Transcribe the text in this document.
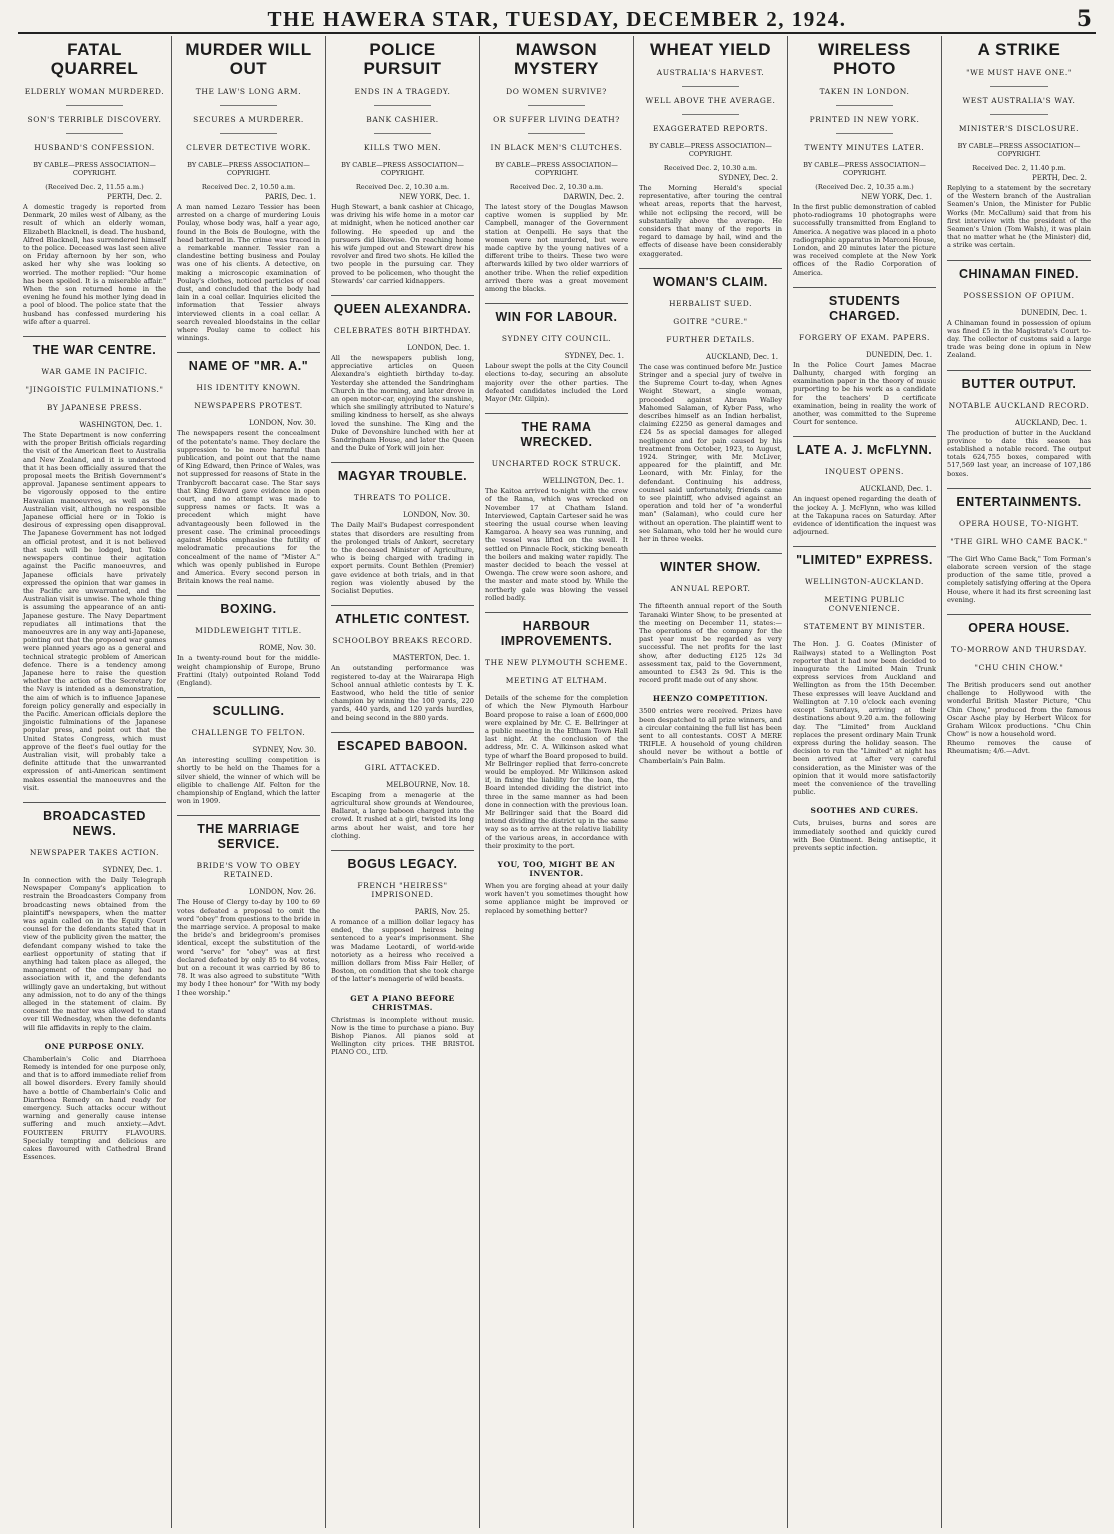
THE HAWERA STAR, TUESDAY, DECEMBER 2, 1924.	5
FATAL QUARREL
ELDERLY WOMAN MURDERED.
SON'S TERRIBLE DISCOVERY.
HUSBAND'S CONFESSION.
BY CABLE—PRESS ASSOCIATION—COPYRIGHT.
(Received Dec. 2, 11.55 a.m.)
PERTH, Dec. 2.

A domestic tragedy is reported from Denmark, 20 miles west of Albany, as the result of which an elderly woman, Elizabeth Blacknell, is dead. The husband, Alfred Blacknell, has surrendered himself to the police. Deceased was last seen alive on Friday afternoon by her son, who asked her why she was looking so worried. The mother replied: "Our home has been spoiled. It is a miserable affair." When the son returned home in the evening he found his mother lying dead in a pool of blood. The police state that the husband has confessed murdering his wife after a quarrel.

THE WAR CENTRE.
WAR GAME IN PACIFIC.
"JINGOISTIC FULMINATIONS."
BY JAPANESE PRESS.
WASHINGTON, Dec. 1.

The State Department is now conferring with the proper British officials regarding the visit of the American fleet to Australia and New Zealand, and it is understood that it has been officially assured that the proposal meets the British Government's approval. Japanese sentiment appears to be vigorously opposed to the entire Hawaiian manoeuvres, as well as the Australian visit, although no responsible Japanese official here or in Tokio is desirous of expressing open disapproval. The Japanese Government has not lodged an official protest, and it is not believed that such will be lodged, but Tokio newspapers continue their agitation against the Pacific manoeuvres, and Japanese officials have privately expressed the opinion that war games in the Pacific are unwarranted, and the Australian visit is unwise. The whole thing is assuming the appearance of an anti-Japanese gesture. The Navy Department repudiates all intimations that the manoeuvres are in any way anti-Japanese, pointing out that the proposed war games were planned years ago as a general and technical strategic problem of American defence. There is a tendency among Japanese here to raise the question whether the action of the Secretary for the Navy is intended as a demonstration, the aim of which is to influence Japanese foreign policy generally and especially in the Pacific. American officials deplore the jingoistic fulminations of the Japanese popular press, and point out that the United States Congress, which must approve of the fleet's fuel outlay for the Australian visit, will probably take a definite attitude that the unwarranted expression of anti-American sentiment makes essential the manoeuvres and the visit.

BROADCASTED NEWS.
NEWSPAPER TAKES ACTION.
SYDNEY, Dec. 1.

In connection with the Daily Telegraph Newspaper Company's application to restrain the Broadcasters Company from broadcasting news obtained from the plaintiff's newspapers, when the matter was again called on in the Equity Court counsel for the defendants stated that in view of the publicity given the matter, the defendant company wished to take the earliest opportunity of stating that if anything had taken place as alleged, the management of the company had no association with it, and the defendants willingly gave an undertaking, but without any admission, not to do any of the things alleged in the statement of claim. By consent the matter was allowed to stand over till Wednesday, when the defendants will file affidavits in reply to the claim.

ONE PURPOSE ONLY.

Chamberlain's Colic and Diarrhoea Remedy is intended for one purpose only, and that is to afford immediate relief from all bowel disorders. Every family should have a bottle of Chamberlain's Colic and Diarrhoea Remedy on hand ready for emergency. Such attacks occur without warning and generally cause intense suffering and much anxiety.—Advt. FOURTEEN FRUITY FLAVOURS. Specially tempting and delicious are cakes flavoured with Cathedral Brand Essences.

MURDER WILL OUT
THE LAW'S LONG ARM.
SECURES A MURDERER.
CLEVER DETECTIVE WORK.
BY CABLE—PRESS ASSOCIATION—COPYRIGHT.
Received Dec. 2, 10.50 a.m.
PARIS, Dec. 1.

A man named Lezaro Tessier has been arrested on a charge of murdering Louis Poulay, whose body was, half a year ago, found in the Bois de Boulogne, with the head battered in. The crime was traced in a remarkable manner. Tessier ran a clandestine betting business and Poulay was one of his clients. A detective, on making a microscopic examination of Poulay's clothes, noticed particles of coal dust, and concluded that the body had lain in a coal cellar. Inquiries elicited the information that Tessier always interviewed clients in a coal cellar. A search revealed bloodstains in the cellar where Poulay came to collect his winnings.

NAME OF "MR. A."
HIS IDENTITY KNOWN.
NEWSPAPERS PROTEST.
LONDON, Nov. 30.

The newspapers resent the concealment of the potentate's name. They declare the suppression to be more harmful than publication, and point out that the name of King Edward, then Prince of Wales, was not suppressed for reasons of State in the Tranbycroft baccarat case. The Star says that King Edward gave evidence in open court, and no attempt was made to suppress names or facts. It was a precedent which might have advantageously been followed in the present case. The criminal proceedings against Hobbs emphasise the futility of melodramatic precautions for the concealment of the name of "Mister A." which was openly published in Europe and America. Every second person in Britain knows the real name.

BOXING.
MIDDLEWEIGHT TITLE.
ROME, Nov. 30.

In a twenty-round bout for the middle-weight championship of Europe, Bruno Frattini (Italy) outpointed Roland Todd (England).

SCULLING.
CHALLENGE TO FELTON.
SYDNEY, Nov. 30.

An interesting sculling competition is shortly to be held on the Thames for a silver shield, the winner of which will be eligible to challenge Alf. Felton for the championship of England, which the latter won in 1909.

THE MARRIAGE SERVICE.
BRIDE'S VOW TO OBEY RETAINED.
LONDON, Nov. 26.

The House of Clergy to-day by 100 to 69 votes defeated a proposal to omit the word "obey" from questions to the bride in the marriage service. A proposal to make the bride's and bridegroom's promises identical, except the substitution of the word "serve" for "obey" was at first declared defeated by only 85 to 84 votes, but on a recount it was carried by 86 to 78. It was also agreed to substitute "With my body I thee honour" for "With my body I thee worship."

POLICE PURSUIT
ENDS IN A TRAGEDY.
BANK CASHIER.
KILLS TWO MEN.
BY CABLE—PRESS ASSOCIATION—COPYRIGHT.
Received Dec. 2, 10.30 a.m.
NEW YORK, Dec. 1.

Hugh Stewart, a bank cashier at Chicago, was driving his wife home in a motor car at midnight, when he noticed another car following. He speeded up and the pursuers did likewise. On reaching home his wife jumped out and Stewart drew his revolver and fired two shots. He killed the two people in the pursuing car. They proved to be policemen, who thought the Stewards' car carried kidnappers.

QUEEN ALEXANDRA.
CELEBRATES 80TH BIRTHDAY.
LONDON, Dec. 1.

All the newspapers publish long, appreciative articles on Queen Alexandra's eightieth birthday to-day. Yesterday she attended the Sandringham Church in the morning, and later drove in an open motor-car, enjoying the sunshine, which she smilingly attributed to Nature's smiling kindness to herself, as she always loved the sunshine. The King and the Duke of Devonshire lunched with her at Sandringham House, and later the Queen and the Duke of York will join her.

MAGYAR TROUBLE.
THREATS TO POLICE.
LONDON, Nov. 30.

The Daily Mail's Budapest correspondent states that disorders are resulting from the prolonged trials of Ankert, secretary to the deceased Minister of Agriculture, who is being charged with trading in export permits. Count Bethlen (Premier) gave evidence at both trials, and in that region was violently abused by the Socialist Deputies.

ATHLETIC CONTEST.
SCHOOLBOY BREAKS RECORD.
MASTERTON, Dec. 1.

An outstanding performance was registered to-day at the Wairarapa High School annual athletic contests by T. K. Eastwood, who held the title of senior champion by winning the 100 yards, 220 yards, 440 yards, and 120 yards hurdles, and being second in the 880 yards.

ESCAPED BABOON.
GIRL ATTACKED.
MELBOURNE, Nov. 18.

Escaping from a menagerie at the agricultural show grounds at Wendouree, Ballarat, a large baboon charged into the crowd. It rushed at a girl, twisted its long arms about her waist, and tore her clothing.

BOGUS LEGACY.
FRENCH "HEIRESS" IMPRISONED.
PARIS, Nov. 25.

A romance of a million dollar legacy has ended, the supposed heiress being sentenced to a year's imprisonment. She was Madame Leotardi, of world-wide notoriety as a heiress who received a million dollars from Miss Fair Heller, of Boston, on condition that she took charge of the latter's menagerie of wild beasts.

GET A PIANO BEFORE CHRISTMAS.

Christmas is incomplete without music. Now is the time to purchase a piano. Buy Bishop Pianos. All pianos sold at Wellington city prices. THE BRISTOL PIANO CO., LTD.

MAWSON MYSTERY
DO WOMEN SURVIVE?
OR SUFFER LIVING DEATH?
IN BLACK MEN'S CLUTCHES.
BY CABLE—PRESS ASSOCIATION—COPYRIGHT.
Received Dec. 2, 10.30 a.m.
DARWIN, Dec. 2.

The latest story of the Douglas Mawson captive women is supplied by Mr. Campbell, manager of the Government station at Oenpelli. He says that the women were not murdered, but were made captive by the young natives of a different tribe to theirs. These two were afterwards killed by two older warriors of another tribe. When the relief expedition arrived there was a great movement among the blacks.

WIN FOR LABOUR.
SYDNEY CITY COUNCIL.
SYDNEY, Dec. 1.

Labour swept the polls at the City Council elections to-day, securing an absolute majority over the other parties. The defeated candidates included the Lord Mayor (Mr. Gilpin).

THE RAMA WRECKED.
UNCHARTED ROCK STRUCK.
WELLINGTON, Dec. 1.

The Kaitoa arrived to-night with the crew of the Rama, which was wrecked on November 17 at Chatham Island. Interviewed, Captain Carteser said he was steering the usual course when leaving Kamgaroa. A heavy sea was running, and the vessel was lifted on the swell. It settled on Pinnacle Rock, sticking beneath the boilers and making water rapidly. The master decided to beach the vessel at Owenga. The crew were soon ashore, and the master and mate stood by. While the northerly gale was blowing the vessel rolled badly.

HARBOUR IMPROVEMENTS.
THE NEW PLYMOUTH SCHEME.
MEETING AT ELTHAM.

Details of the scheme for the completion of which the New Plymouth Harbour Board propose to raise a loan of £600,000 were explained by Mr. C. E. Bellringer at a public meeting in the Eltham Town Hall last night. At the conclusion of the address, Mr. C. A. Wilkinson asked what type of wharf the Board proposed to build. Mr Bellringer replied that ferro-concrete would be employed. Mr Wilkinson asked if, in fixing the liability for the loan, the Board intended dividing the district into three in the same manner as had been done in connection with the previous loan. Mr Bellringer said that the Board did intend dividing the district up in the same way so as to arrive at the relative liability of the various areas, in accordance with their proximity to the port.

YOU, TOO, MIGHT BE AN INVENTOR.

When you are forging ahead at your daily work haven't you sometimes thought how some appliance might be improved or replaced by something better?

WHEAT YIELD
AUSTRALIA'S HARVEST.
WELL ABOVE THE AVERAGE.
EXAGGERATED REPORTS.
BY CABLE—PRESS ASSOCIATION—COPYRIGHT.
Received Dec. 2, 10.30 a.m.
SYDNEY, Dec. 2.

The Morning Herald's special representative, after touring the central wheat areas, reports that the harvest, while not eclipsing the record, will be substantially above the average. He considers that many of the reports in regard to damage by hail, wind and the effects of disease have been considerably exaggerated.

WOMAN'S CLAIM.
HERBALIST SUED.
GOITRE "CURE."
FURTHER DETAILS.
AUCKLAND, Dec. 1.

The case was continued before Mr. Justice Stringer and a special jury of twelve in the Supreme Court to-day, when Agnes Weight Stewart, a single woman, proceeded against Abram Walley Mahomed Salaman, of Kyber Pass, who describes himself as an Indian herbalist, claiming £2250 as general damages and £24 5s as special damages for alleged negligence and for pain caused by his treatment from October, 1923, to August, 1924. Stringer, with Mr. McLiver, appeared for the plaintiff, and Mr. Leonard, with Mr. Finlay, for the defendant. Continuing his address, counsel said unfortunately, friends came to see plaintiff, who advised against an operation and told her of "a wonderful man" (Salaman), who could cure her without an operation. The plaintiff went to see Salaman, who told her he would cure her in three weeks.

WINTER SHOW.
ANNUAL REPORT.

The fifteenth annual report of the South Taranaki Winter Show, to be presented at the meeting on December 11, states:— The operations of the company for the past year must be regarded as very successful. The net profits for the last show, after deducting £125 12s 3d assessment tax, paid to the Government, amounted to £343 2s 9d. This is the record profit made out of any show.

HEENZO COMPETITION.

3500 entries were received. Prizes have been despatched to all prize winners, and a circular containing the full list has been sent to all contestants. COST A MERE TRIFLE. A household of young children should never be without a bottle of Chamberlain's Pain Balm.

WIRELESS PHOTO
TAKEN IN LONDON.
PRINTED IN NEW YORK.
TWENTY MINUTES LATER.
BY CABLE—PRESS ASSOCIATION—COPYRIGHT.
(Received Dec. 2, 10.35 a.m.)
NEW YORK, Dec. 1.

In the first public demonstration of cabled photo-radiograms 10 photographs were successfully transmitted from England to America. A negative was placed in a photo radiographic apparatus in Marconi House, London, and 20 minutes later the picture was received complete at the New York offices of the Radio Corporation of America.

STUDENTS CHARGED.
FORGERY OF EXAM. PAPERS.
DUNEDIN, Dec. 1.

In the Police Court James Macrae Dalhunty, charged with forging an examination paper in the theory of music purporting to be his work as a candidate for the teachers' D certificate examination, being in reality the work of another, was committed to the Supreme Court for sentence.

LATE A. J. McFLYNN.
INQUEST OPENS.
AUCKLAND, Dec. 1.

An inquest opened regarding the death of the jockey A. J. McFlynn, who was killed at the Takapuna races on Saturday. After evidence of identification the inquest was adjourned.

"LIMITED" EXPRESS.
WELLINGTON-AUCKLAND.
MEETING PUBLIC CONVENIENCE.
STATEMENT BY MINISTER.

The Hon. J. G. Coates (Minister of Railways) stated to a Wellington Post reporter that it had now been decided to inaugurate the Limited Main Trunk express services from Auckland and Wellington as from the 15th December. These expresses will leave Auckland and Wellington at 7.10 o'clock each evening except Saturdays, arriving at their destinations about 9.20 a.m. the following day. The "Limited" from Auckland replaces the present ordinary Main Trunk express during the holiday season. The decision to run the "Limited" at night has been arrived at after very careful consideration, as the Minister was of the opinion that it would more satisfactorily meet the convenience of the travelling public.

SOOTHES AND CURES.

Cuts, bruises, burns and sores are immediately soothed and quickly cured with Bee Ointment. Being antiseptic, it prevents septic infection.

A STRIKE
"WE MUST HAVE ONE."
WEST AUSTRALIA'S WAY.
MINISTER'S DISCLOSURE.
BY CABLE—PRESS ASSOCIATION—COPYRIGHT.
Received Dec. 2, 11.40 p.m.
PERTH, Dec. 2.

Replying to a statement by the secretary of the Western branch of the Australian Seamen's Union, the Minister for Public Works (Mr. McCallum) said that from his first interview with the president of the Seamen's Union (Tom Walsh), it was plain that no matter what he (the Minister) did, a strike was certain.

CHINAMAN FINED.
POSSESSION OF OPIUM.
DUNEDIN, Dec. 1.

A Chinaman found in possession of opium was fined £5 in the Magistrate's Court to-day. The collector of customs said a large trade was being done in opium in New Zealand.

BUTTER OUTPUT.
NOTABLE AUCKLAND RECORD.
AUCKLAND, Dec. 1.

The production of butter in the Auckland province to date this season has established a notable record. The output totals 624,755 boxes, compared with 517,569 last year, an increase of 107,186 boxes.

ENTERTAINMENTS.
OPERA HOUSE, TO-NIGHT.
"THE GIRL WHO CAME BACK."

"The Girl Who Came Back," Tom Forman's elaborate screen version of the stage production of the same title, proved a completely satisfying offering at the Opera House, where it had its first screening last evening.

OPERA HOUSE.
TO-MORROW AND THURSDAY.
"CHU CHIN CHOW."

The British producers send out another challenge to Hollywood with the wonderful British Master Picture, "Chu Chin Chow," produced from the famous Oscar Asche play by Herbert Wilcox for Graham Wilcox productions. "Chu Chin Chow" is now a household word.

Rheumo removes the cause of Rheumatism; 4/6.—Advt.
